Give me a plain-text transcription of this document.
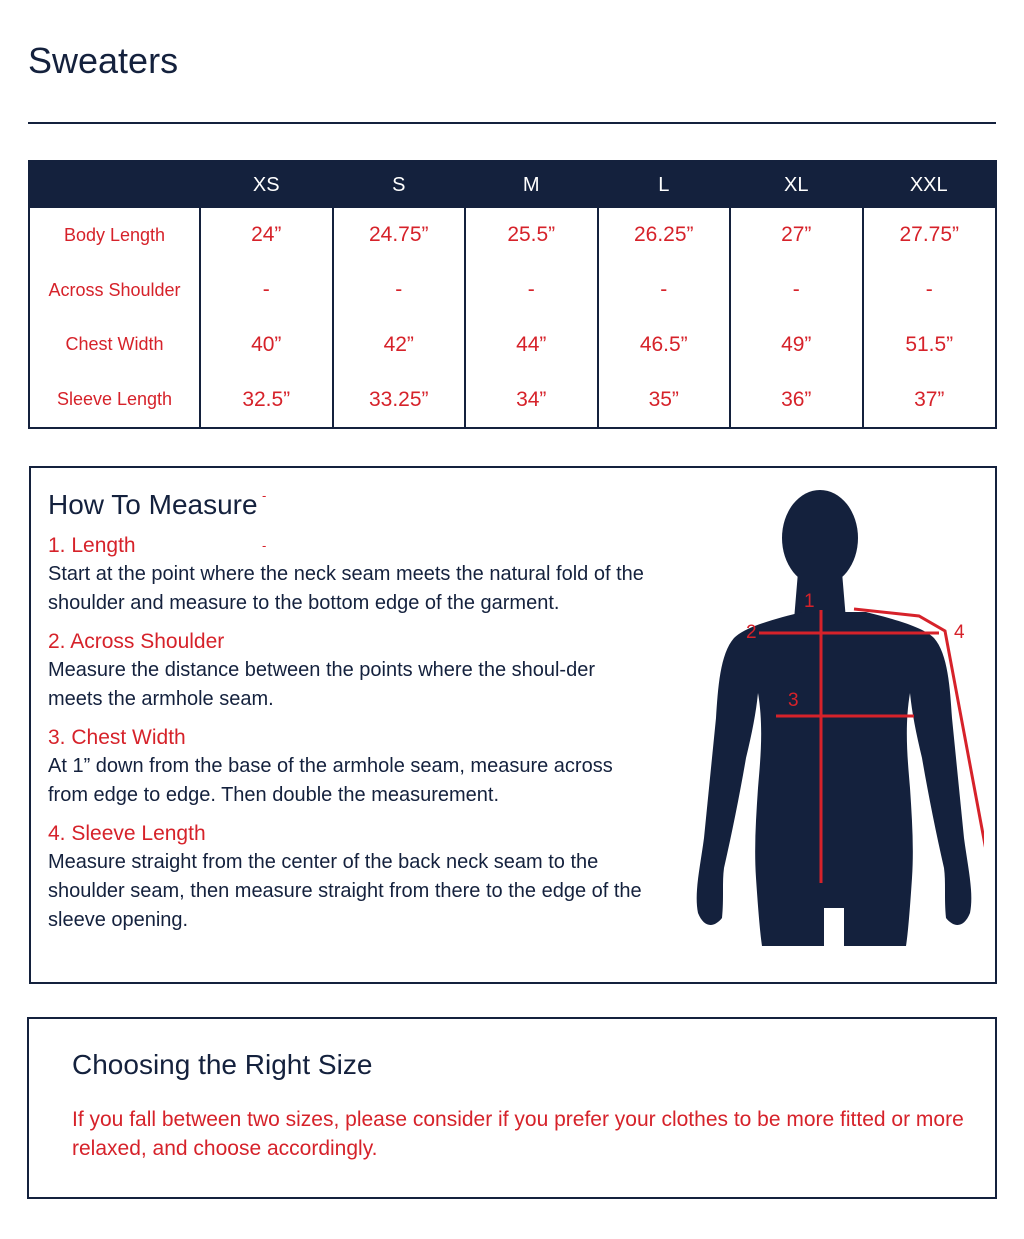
Sweaters
	XS	S	M	L	XL	XXL
Body Length	24”	24.75”	25.5”	26.25”	27”	27.75”
Across Shoulder	-	-	-	-	-	-
Chest Width	40”	42”	44”	46.5”	49”	51.5”
Sleeve Length	32.5”	33.25”	34”	35”	36”	37”
How To Measure -
-
1. Length
Start at the point where the neck seam meets the natural fold of the shoulder and measure to the bottom edge of the garment.
2. Across Shoulder
Measure the distance between the points where the shoul-der meets the armhole seam.
3. Chest Width
At 1” down from the base of the armhole seam, measure across from edge to edge. Then double the measurement.
4. Sleeve Length
Measure straight from the center of the back neck seam to the shoulder seam, then measure straight from there to the edge of the sleeve opening.
1
2
3
4
Choosing the Right Size

If you fall between two sizes, please consider if you prefer your clothes to be more fitted or more relaxed, and choose accordingly.
